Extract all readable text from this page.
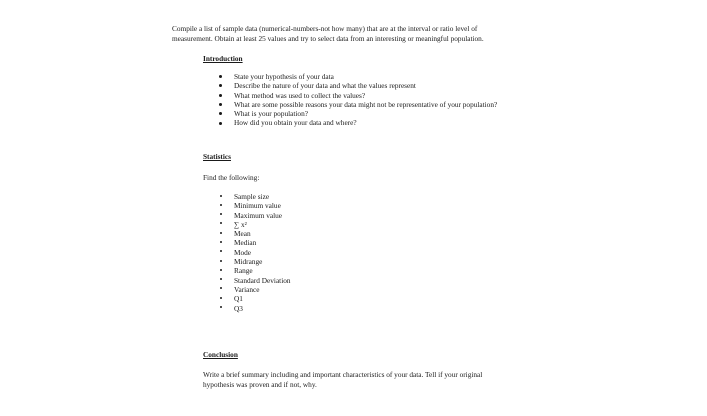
Compile a list of sample data (numerical-numbers-not how many) that are at the interval or ratio level of
measurement. Obtain at least 25 values and try to select data from an interesting or meaningful population.
Introduction
State your hypothesis of your data
Describe the nature of your data and what the values represent
What method was used to collect the values?
What are some possible reasons your data might not be representative of your population?
What is your population?
How did you obtain your data and where?
Statistics
Find the following:
Sample size
Minimum value
Maximum value
∑ x²
Mean
Median
Mode
Midrange
Range
Standard Deviation
Variance
Q1
Q3
Conclusion
Write a brief summary including and important characteristics of your data. Tell if your original
hypothesis was proven and if not, why.
